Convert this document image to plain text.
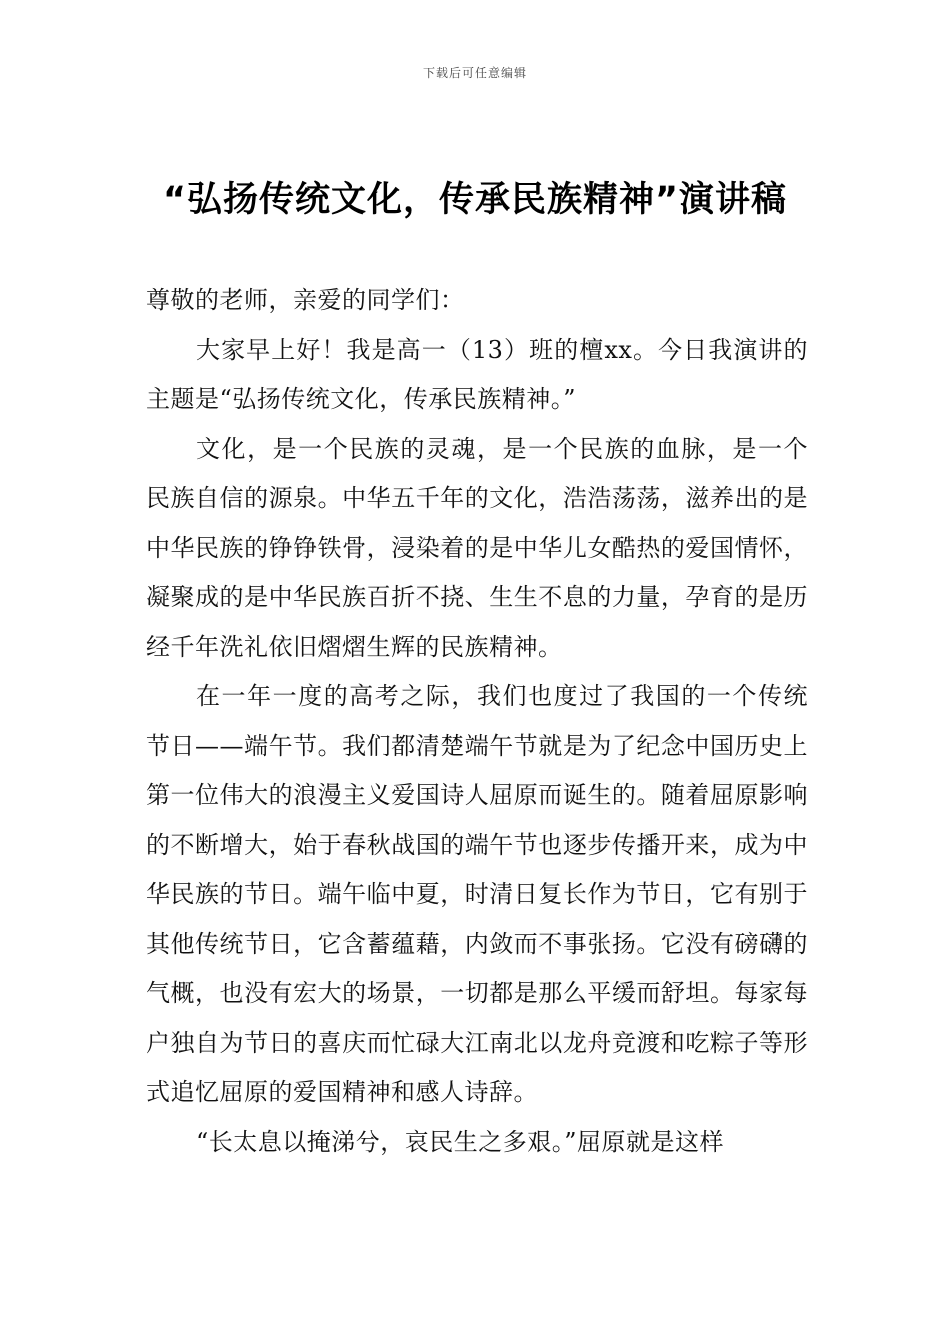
下载后可任意编辑
“弘扬传统文化，传承民族精神”演讲稿

尊敬的老师，亲爱的同学们：

大家早上好！我是高一（13）班的檀xx。今日我演讲的主题是“弘扬传统文化，传承民族精神。”

文化，是一个民族的灵魂，是一个民族的血脉，是一个民族自信的源泉。中华五千年的文化，浩浩荡荡，滋养出的是中华民族的铮铮铁骨，浸染着的是中华儿女酷热的爱国情怀，凝聚成的是中华民族百折不挠、生生不息的力量，孕育的是历经千年洗礼依旧熠熠生辉的民族精神。

在一年一度的高考之际，我们也度过了我国的一个传统节日——端午节。我们都清楚端午节就是为了纪念中国历史上第一位伟大的浪漫主义爱国诗人屈原而诞生的。随着屈原影响的不断增大，始于春秋战国的端午节也逐步传播开来，成为中华民族的节日。端午临中夏，时清日复长作为节日，它有别于其他传统节日，它含蓄蕴藉，内敛而不事张扬。它没有磅礴的气概，也没有宏大的场景，一切都是那么平缓而舒坦。每家每户独自为节日的喜庆而忙碌大江南北以龙舟竞渡和吃粽子等形式追忆屈原的爱国精神和感人诗辞。

“长太息以掩涕兮，哀民生之多艰。”屈原就是这样
